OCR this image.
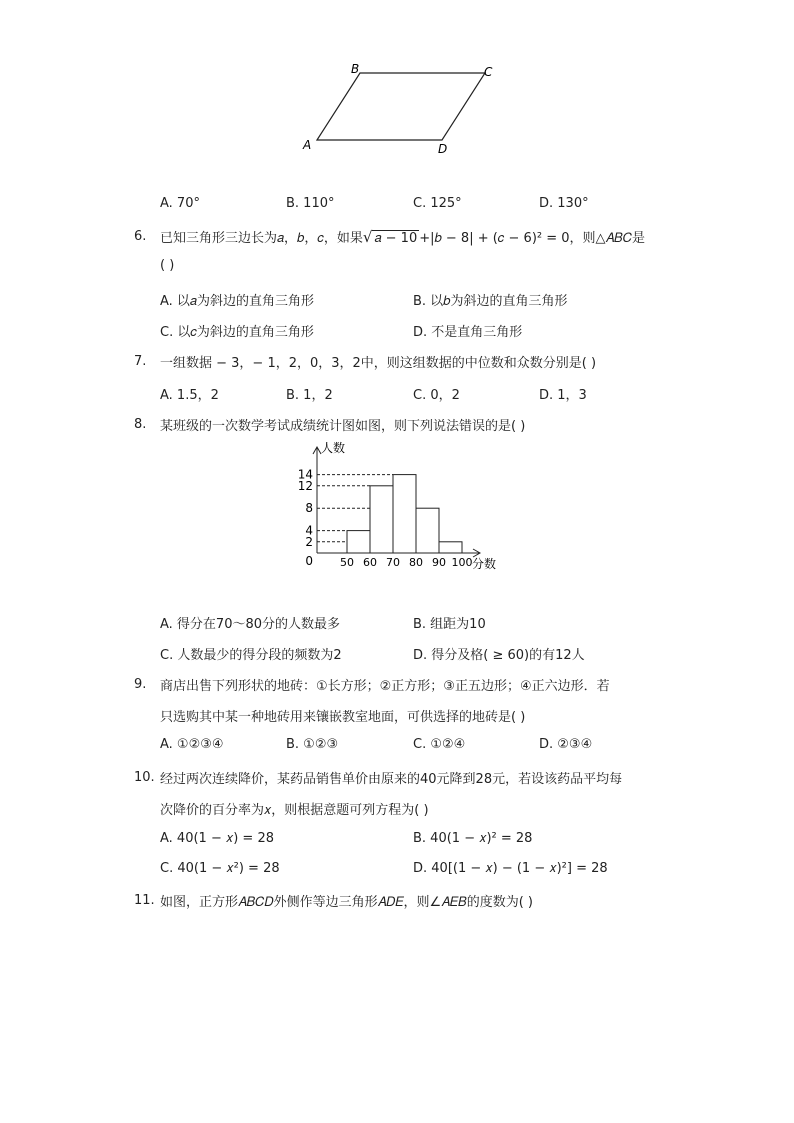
B	C
A	D
A. 70°	B. 110°	C. 125°	D. 130°
6. 已知三角形三边长为𝑎，𝑏，𝑐，如果√ 𝑎 − 10 +|𝑏 − 8| + (𝑐 − 6)² = 0，则△𝐴𝐵𝐶是
( )
A. 以𝑎为斜边的直角三角形	B. 以𝑏为斜边的直角三角形
C. 以𝑐为斜边的直角三角形	D. 不是直角三角形
7. 一组数据 − 3，− 1，2，0，3，2中，则这组数据的中位数和众数分别是( )
A. 1.5，2	B. 1，2	C. 0，2	D. 1，3
8. 某班级的一次数学考试成绩统计图如图，则下列说法错误的是( )
人数
分数
0
2
4
8
12
14
50 60 70 80 90 100
A. 得分在70～80分的人数最多	B. 组距为10
C. 人数最少的得分段的频数为2	D. 得分及格( ≥ 60)的有12人
9. 商店出售下列形状的地砖：①长方形；②正方形；③正五边形；④正六边形．若
只选购其中某一种地砖用来镶嵌教室地面，可供选择的地砖是( )
A. ①②③④	B. ①②③	C. ①②④	D. ②③④
10. 经过两次连续降价，某药品销售单价由原来的40元降到28元，若设该药品平均每
次降价的百分率为𝑥，则根据意题可列方程为( )
A. 40(1 − 𝑥) = 28	B. 40(1 − 𝑥)² = 28
C. 40(1 − 𝑥²) = 28	D. 40[(1 − 𝑥) − (1 − 𝑥)²] = 28
11. 如图，正方形𝐴𝐵𝐶𝐷外侧作等边三角形𝐴𝐷𝐸，则∠𝐴𝐸𝐵的度数为( )
